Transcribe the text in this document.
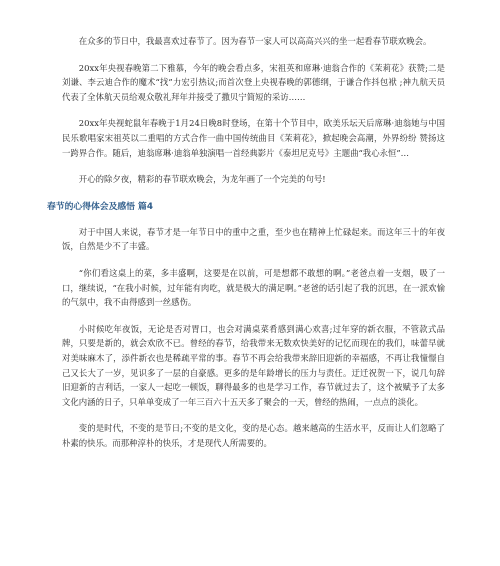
在众多的节日中，我最喜欢过春节了。因为春节一家人可以高高兴兴的坐一起看春节联欢晚会。

20xx年央视春晚第二下雅慕，今年的晚会看点多，宋祖英和席琳·迪翁合作的《茉莉花》获赞;二是刘谦、李云迪合作的魔术“找”力宏引热议;而首次登上央视春晚的郭德纲，于谦合作抖包袱 ;神九航天员代表了全体航天员给观众敬礼拜年并接受了撒贝宁简短的采访……

20xx年央视蛇鼠年春晚于1月24日晚8时登场，在第十个节目中，欧美乐坛天后席琳·迪翁她与中国民乐歌唱家宋祖英以二重唱的方式合作一曲中国传统曲目《茉莉花》，掀起晚会高潮，外界纷纷 赞扬这一跨界合作。随后，迪翁席琳·迪翁单独演唱一首经典影片《泰坦尼克号》主题曲“我心永恒”…

开心的除夕夜，精彩的春节联欢晚会，为龙年画了一个完美的句号!

春节的心得体会及感悟 篇4

对于中国人来说，春节才是一年节日中的重中之重，至少也在精神上忙碌起来。而这年三十的年夜饭，自然是少不了丰盛。

“你们看这桌上的菜，多丰盛啊，这要是在以前，可是想都不敢想的啊。”老爸点着一支烟，吸了一口，继续说，“在我小时候，过年能有肉吃，就是极大的满足啊。”老爸的话引起了我的沉思，在一派欢愉的气氛中，我不由得感到一丝感伤。

小时候吃年夜饭，无论是否对胃口，也会对满桌菜肴感到满心欢喜;过年穿的新衣服，不管款式品牌，只要是新的，就会欢欣不已。曾经的春节，给我带来无数欢快美好的记忆而现在的我们，味蕾早就对美味麻木了，添件新衣也是稀疏平常的事。春节不再会给我带来辞旧迎新的幸福感，不再让我憧憬自己又长大了一岁，见识多了一层的自豪感。更多的是年龄增长的压力与责任。迂迁祝贺一下，说几句辞旧迎新的吉利话，一家人一起吃一顿饭，聊得最多的也是学习工作，春节就过去了，这个被赋予了太多文化内涵的日子，只单单变成了一年三百六十五天多了聚会的一天，曾经的热闹，一点点的淡化。

变的是时代，不变的是节日;不变的是文化，变的是心态。越来越高的生活水平，反而让人们忽略了朴素的快乐。而那种淳朴的快乐，才是现代人所需要的。
